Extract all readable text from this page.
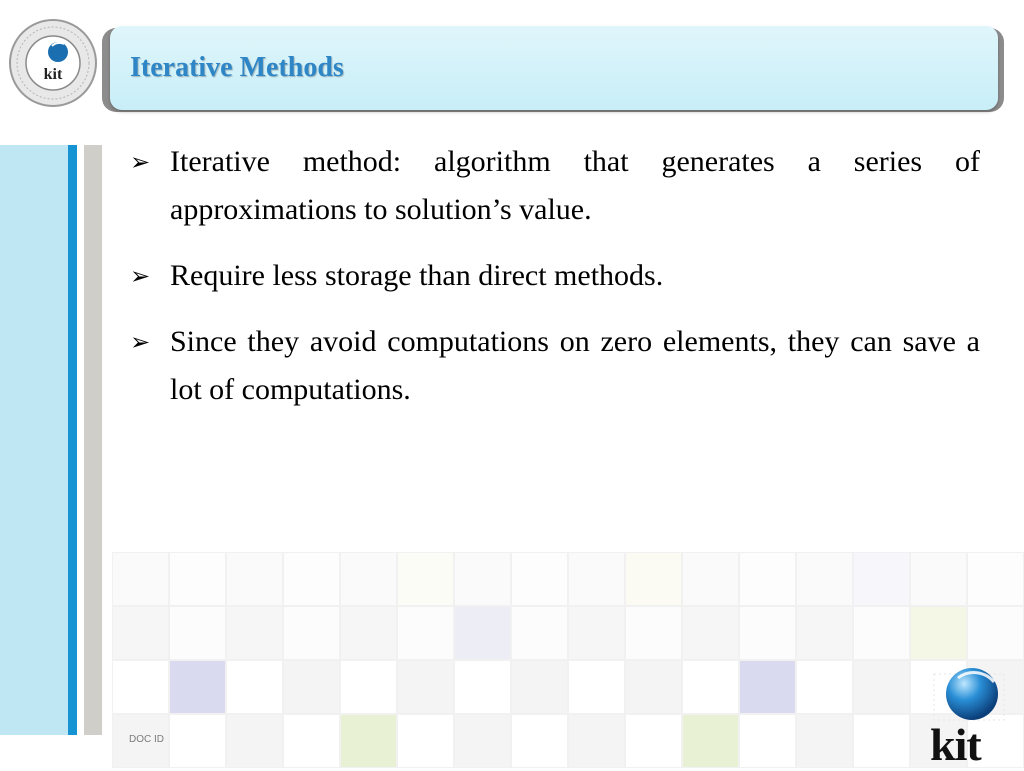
kit Iterative Methods
➢ Iterative method: algorithm that generates a series of approximations to solution’s value.
➢ Require less storage than direct methods.
➢ Since they avoid computations on zero elements, they can save a lot of computations.
DOC ID	kit
